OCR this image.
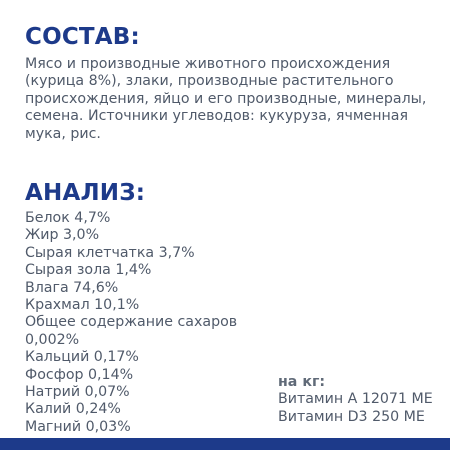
СОСТАВ:

Мясо и производные животного происхождения (курица 8%), злаки, производные растительного происхождения, яйцо и его производные, минералы, семена. Источники углеводов: кукуруза, ячменная мука, рис.

АНАЛИЗ:
Белок 4,7%
Жир 3,0%
Сырая клетчатка 3,7%
Сырая зола 1,4%
Влага 74,6%
Крахмал 10,1%
Общее содержание сахаров
0,002%
Кальций 0,17%
Фосфор 0,14%
Натрий 0,07%
Калий 0,24%
Магний 0,03%
на кг:
Витамин А 12071 МЕ
Витамин D3 250 МЕ
